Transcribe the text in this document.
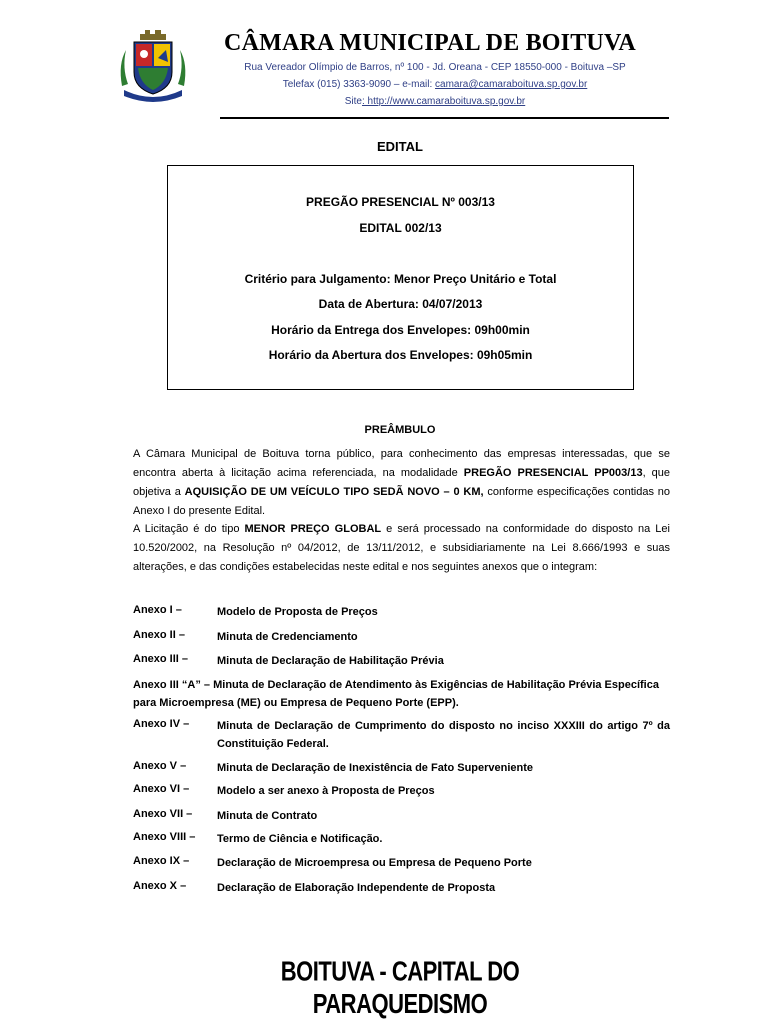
CÂMARA MUNICIPAL DE BOITUVA
Rua Vereador Olímpio de Barros, nº 100 - Jd. Oreana - CEP 18550-000 - Boituva –SP
Telefax (015) 3363-9090 – e-mail: camara@camaraboituva.sp.gov.br
Site: http://www.camaraboituva.sp.gov.br
EDITAL
PREGÃO PRESENCIAL Nº 003/13
EDITAL 002/13
Critério para Julgamento: Menor Preço Unitário e Total
Data de Abertura: 04/07/2013
Horário da Entrega dos Envelopes: 09h00min
Horário da Abertura dos Envelopes: 09h05min
PREÂMBULO
A Câmara Municipal de Boituva torna público, para conhecimento das empresas interessadas, que se encontra aberta à licitação acima referenciada, na modalidade PREGÃO PRESENCIAL PP003/13, que objetiva a AQUISIÇÃO DE UM VEÍCULO TIPO SEDÃ NOVO – 0 KM, conforme especificações contidas no Anexo I do presente Edital.
A Licitação é do tipo MENOR PREÇO GLOBAL e será processado na conformidade do disposto na Lei 10.520/2002, na Resolução nº 04/2012, de 13/11/2012, e subsidiariamente na Lei 8.666/1993 e suas alterações, e das condições estabelecidas neste edital e nos seguintes anexos que o integram:
Anexo I –	Modelo de Proposta de Preços
Anexo II –	Minuta de Credenciamento
Anexo III –	Minuta de Declaração de Habilitação Prévia
Anexo III “A” – Minuta de Declaração de Atendimento às Exigências de Habilitação Prévia Específica para Microempresa (ME) ou Empresa de Pequeno Porte (EPP).
Anexo IV –	Minuta de Declaração de Cumprimento do disposto no inciso XXXIII do artigo 7º da Constituição Federal.
Anexo V –	Minuta de Declaração de Inexistência de Fato Superveniente
Anexo VI –	Modelo a ser anexo à Proposta de Preços
Anexo VII – Minuta de Contrato
Anexo VIII – Termo de Ciência e Notificação.
Anexo IX –	Declaração de Microempresa ou Empresa de Pequeno Porte
Anexo X –	Declaração de Elaboração Independente de Proposta
BOITUVA - CAPITAL DO PARAQUEDISMO
